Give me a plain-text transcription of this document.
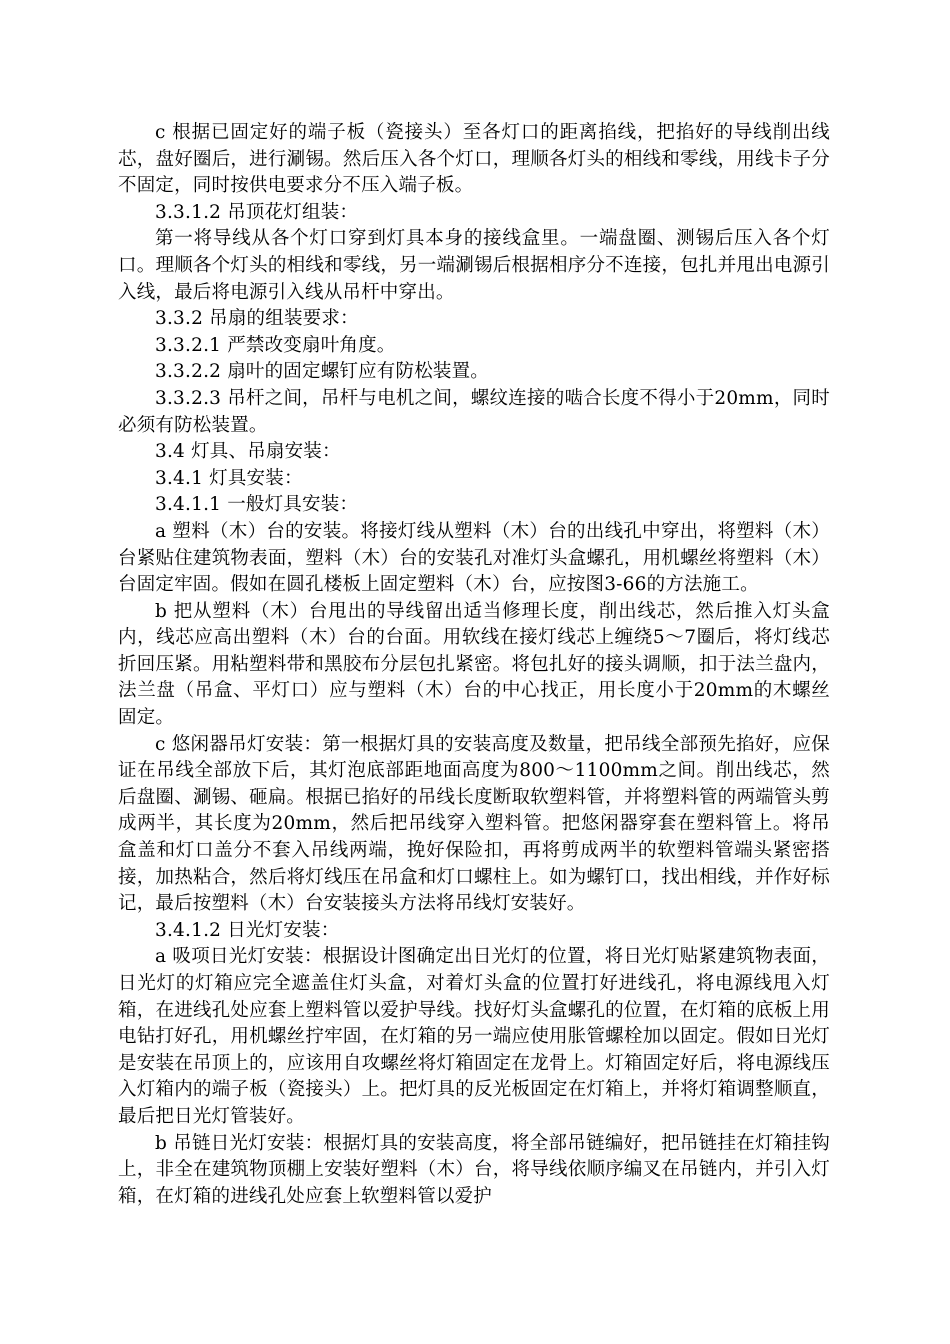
c 根据已固定好的端子板（瓷接头）至各灯口的距离掐线，把掐好的导线削出线芯，盘好圈后，进行涮锡。然后压入各个灯口，理顺各灯头的相线和零线，用线卡子分不固定，同时按供电要求分不压入端子板。

3.3.1.2 吊顶花灯组装：

第一将导线从各个灯口穿到灯具本身的接线盒里。一端盘圈、测锡后压入各个灯口。理顺各个灯头的相线和零线，另一端涮锡后根据相序分不连接，包扎并甩出电源引入线，最后将电源引入线从吊杆中穿出。

3.3.2 吊扇的组装要求：

3.3.2.1 严禁改变扇叶角度。

3.3.2.2 扇叶的固定螺钉应有防松装置。

3.3.2.3 吊杆之间，吊杆与电机之间，螺纹连接的啮合长度不得小于20mm，同时必须有防松装置。

3.4 灯具、吊扇安装：

3.4.1 灯具安装：

3.4.1.1 一般灯具安装：

a 塑料（木）台的安装。将接灯线从塑料（木）台的出线孔中穿出，将塑料（木）台紧贴住建筑物表面，塑料（木）台的安装孔对准灯头盒螺孔，用机螺丝将塑料（木）台固定牢固。假如在圆孔楼板上固定塑料（木）台，应按图3-66的方法施工。

b 把从塑料（木）台甩出的导线留出适当修理长度，削出线芯，然后推入灯头盒内，线芯应高出塑料（木）台的台面。用软线在接灯线芯上缠绕5～7圈后，将灯线芯折回压紧。用粘塑料带和黑胶布分层包扎紧密。将包扎好的接头调顺，扣于法兰盘内，法兰盘（吊盒、平灯口）应与塑料（木）台的中心找正，用长度小于20mm的木螺丝固定。

c 悠闲器吊灯安装：第一根据灯具的安装高度及数量，把吊线全部预先掐好，应保证在吊线全部放下后，其灯泡底部距地面高度为800～1100mm之间。削出线芯，然后盘圈、涮锡、砸扁。根据已掐好的吊线长度断取软塑料管，并将塑料管的两端管头剪成两半，其长度为20mm，然后把吊线穿入塑料管。把悠闲器穿套在塑料管上。将吊盒盖和灯口盖分不套入吊线两端，挽好保险扣，再将剪成两半的软塑料管端头紧密搭接，加热粘合，然后将灯线压在吊盒和灯口螺柱上。如为螺钉口，找出相线，并作好标记，最后按塑料（木）台安装接头方法将吊线灯安装好。

3.4.1.2 日光灯安装：

a 吸项日光灯安装：根据设计图确定出日光灯的位置，将日光灯贴紧建筑物表面，日光灯的灯箱应完全遮盖住灯头盒，对着灯头盒的位置打好进线孔，将电源线甩入灯箱，在进线孔处应套上塑料管以爱护导线。找好灯头盒螺孔的位置，在灯箱的底板上用电钻打好孔，用机螺丝拧牢固，在灯箱的另一端应使用胀管螺栓加以固定。假如日光灯是安装在吊顶上的，应该用自攻螺丝将灯箱固定在龙骨上。灯箱固定好后，将电源线压入灯箱内的端子板（瓷接头）上。把灯具的反光板固定在灯箱上，并将灯箱调整顺直，最后把日光灯管装好。

b 吊链日光灯安装：根据灯具的安装高度，将全部吊链编好，把吊链挂在灯箱挂钩上，非全在建筑物顶棚上安装好塑料（木）台，将导线依顺序编叉在吊链内，并引入灯箱，在灯箱的进线孔处应套上软塑料管以爱护
